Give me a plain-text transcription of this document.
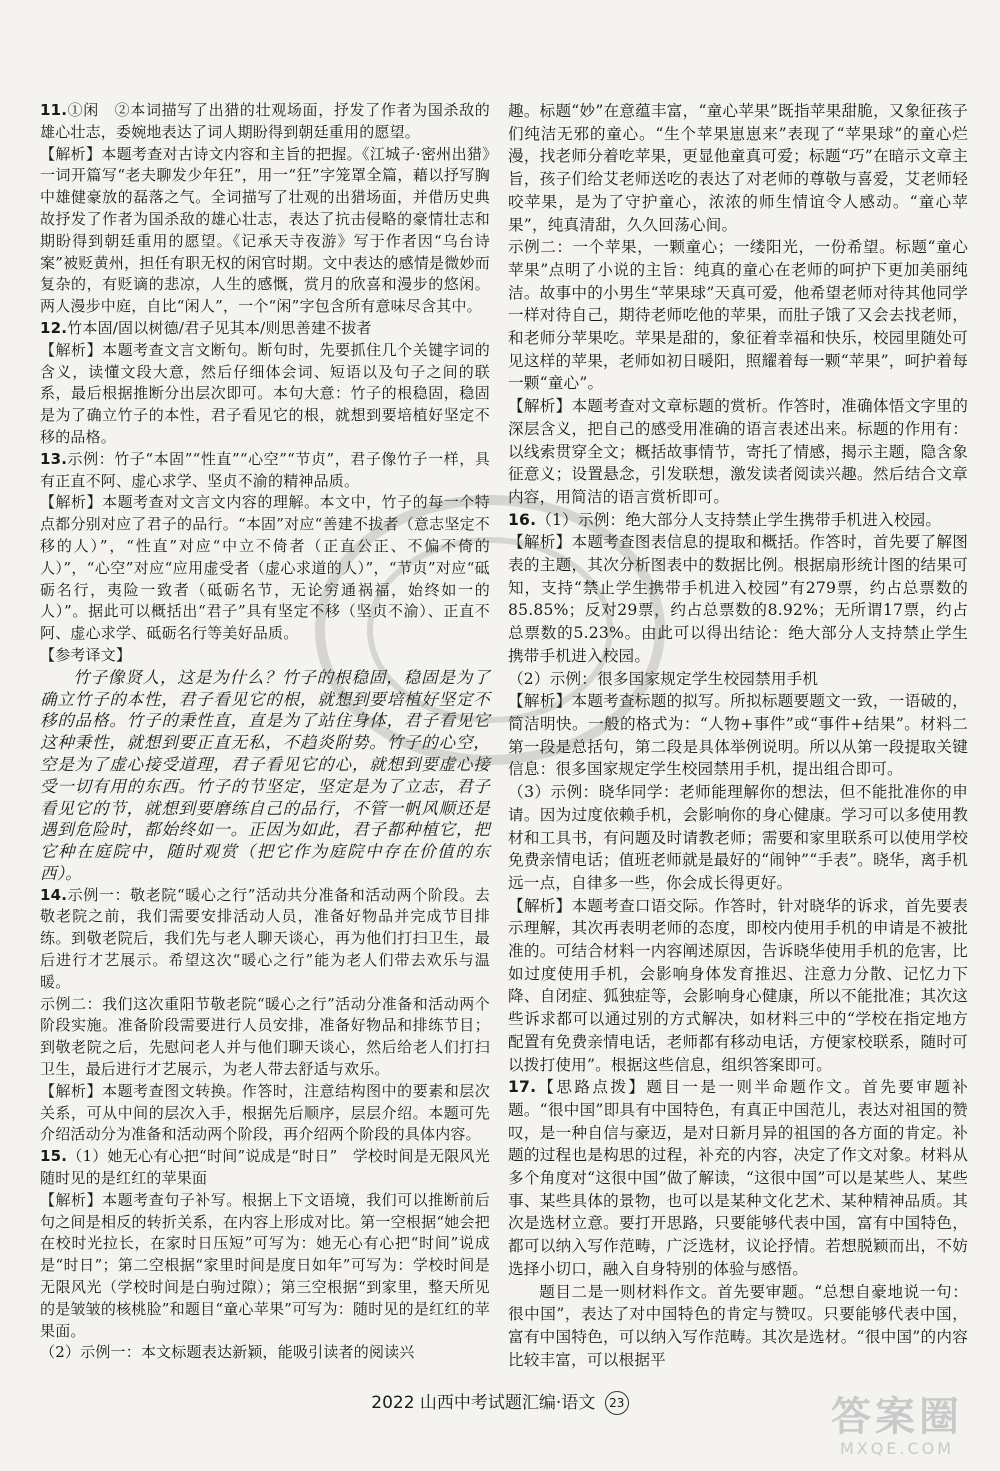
11.①闲　②本词描写了出猎的壮观场面，抒发了作者为国杀敌的雄心壮志，委婉地表达了词人期盼得到朝廷重用的愿望。

【解析】本题考查对古诗文内容和主旨的把握。《江城子·密州出猎》一词开篇写“老夫聊发少年狂”，用一“狂”字笼罩全篇，藉以抒写胸中雄健豪放的磊落之气。全词描写了壮观的出猎场面，并借历史典故抒发了作者为国杀敌的雄心壮志，表达了抗击侵略的豪情壮志和期盼得到朝廷重用的愿望。《记承天寺夜游》写于作者因“乌台诗案”被贬黄州，担任有职无权的闲官时期。文中表达的感情是微妙而复杂的，有贬谪的悲凉，人生的感慨，赏月的欣喜和漫步的悠闲。两人漫步中庭，自比“闲人”，一个“闲”字包含所有意味尽含其中。

12.竹本固/固以树德/君子见其本/则思善建不拔者

【解析】本题考查文言文断句。断句时，先要抓住几个关键字词的含义，读懂文段大意，然后仔细体会词、短语以及句子之间的联系，最后根据推断分出层次即可。本句大意：竹子的根稳固，稳固是为了确立竹子的本性，君子看见它的根，就想到要培植好坚定不移的品格。

13.示例：竹子“本固”“性直”“心空”“节贞”，君子像竹子一样，具有正直不阿、虚心求学、坚贞不渝的精神品质。

【解析】本题考查对文言文内容的理解。本文中，竹子的每一个特点都分别对应了君子的品行。“本固”对应“善建不拔者（意志坚定不移的人）”，“性直”对应“中立不倚者（正直公正、不偏不倚的人）”，“心空”对应“应用虚受者（虚心求道的人）”，“节贞”对应“砥砺名行，夷险一致者（砥砺名节，无论穷通祸福，始终如一的人）”。据此可以概括出“君子”具有坚定不移（坚贞不渝）、正直不阿、虚心求学、砥砺名行等美好品质。

【参考译文】

竹子像贤人，这是为什么？竹子的根稳固，稳固是为了确立竹子的本性，君子看见它的根，就想到要培植好坚定不移的品格。竹子的秉性直，直是为了站住身体，君子看见它这种秉性，就想到要正直无私，不趋炎附势。竹子的心空，空是为了虚心接受道理，君子看见它的心，就想到要虚心接受一切有用的东西。竹子的节坚定，坚定是为了立志，君子看见它的节，就想到要磨练自己的品行，不管一帆风顺还是遇到危险时，都始终如一。正因为如此，君子都种植它，把它种在庭院中，随时观赏（把它作为庭院中存在价值的东西）。

14.示例一：敬老院“暖心之行”活动共分准备和活动两个阶段。去敬老院之前，我们需要安排活动人员，准备好物品并完成节目排练。到敬老院后，我们先与老人聊天谈心，再为他们打扫卫生，最后进行才艺展示。希望这次“暖心之行”能为老人们带去欢乐与温暖。

示例二：我们这次重阳节敬老院“暖心之行”活动分准备和活动两个阶段实施。准备阶段需要进行人员安排，准备好物品和排练节目；到敬老院之后，先慰问老人并与他们聊天谈心，然后给老人们打扫卫生，最后进行才艺展示，为老人带去舒适与欢乐。

【解析】本题考查图文转换。作答时，注意结构图中的要素和层次关系，可从中间的层次入手，根据先后顺序，层层介绍。本题可先介绍活动分为准备和活动两个阶段，再介绍两个阶段的具体内容。

15.（1）她无心有心把“时间”说成是“时日”　学校时间是无限风光　随时见的是红红的苹果面

【解析】本题考查句子补写。根据上下文语境，我们可以推断前后句之间是相反的转折关系，在内容上形成对比。第一空根据“她会把在校时光拉长，在家时日压短”可写为：她无心有心把“时间”说成是“时日”；第二空根据“家里时间是度日如年”可写为：学校时间是无限风光（学校时间是白驹过隙）；第三空根据“到家里，整天所见的是皱皱的核桃脸”和题目“童心苹果”可写为：随时见的是红红的苹果面。

（2）示例一：本文标题表达新颖，能吸引读者的阅读兴

趣。标题“妙”在意蕴丰富，“童心苹果”既指苹果甜脆，又象征孩子们纯洁无邪的童心。“生个苹果崽崽来”表现了“苹果球”的童心烂漫，找老师分着吃苹果，更显他童真可爱；标题“巧”在暗示文章主旨，孩子们给艾老师送吃的表达了对老师的尊敬与喜爱，艾老师轻咬苹果，是为了守护童心，浓浓的师生情谊令人感动。“童心苹果”，纯真清甜，久久回荡心间。

示例二：一个苹果，一颗童心；一缕阳光，一份希望。标题“童心苹果”点明了小说的主旨：纯真的童心在老师的呵护下更加美丽纯洁。故事中的小男生“苹果球”天真可爱，他希望老师对待其他同学一样对待自己，期待老师吃他的苹果，而肚子饿了又会去找老师，和老师分苹果吃。苹果是甜的，象征着幸福和快乐，校园里随处可见这样的苹果，老师如初日暖阳，照耀着每一颗“苹果”，呵护着每一颗“童心”。

【解析】本题考查对文章标题的赏析。作答时，准确体悟文字里的深层含义，把自己的感受用准确的语言表述出来。标题的作用有：以线索贯穿全文；概括故事情节，寄托了情感，揭示主题，隐含象征意义；设置悬念，引发联想，激发读者阅读兴趣。然后结合文章内容，用简洁的语言赏析即可。

16.（1）示例：绝大部分人支持禁止学生携带手机进入校园。

【解析】本题考查图表信息的提取和概括。作答时，首先要了解图表的主题，其次分析图表中的数据比例。根据扇形统计图的结果可知，支持“禁止学生携带手机进入校园”有279票，约占总票数的85.85%；反对29票，约占总票数的8.92%；无所谓17票，约占总票数的5.23%。由此可以得出结论：绝大部分人支持禁止学生携带手机进入校园。

（2）示例：很多国家规定学生校园禁用手机

【解析】本题考查标题的拟写。所拟标题要题文一致，一语破的，简洁明快。一般的格式为：“人物+事件”或“事件+结果”。材料二第一段是总括句，第二段是具体举例说明。所以从第一段提取关键信息：很多国家规定学生校园禁用手机，提出组合即可。

（3）示例：晓华同学：老师能理解你的想法，但不能批准你的申请。因为过度依赖手机，会影响你的身心健康。学习可以多使用教材和工具书，有问题及时请教老师；需要和家里联系可以使用学校免费亲情电话；值班老师就是最好的“闹钟”“手表”。晓华，离手机远一点，自律多一些，你会成长得更好。

【解析】本题考查口语交际。作答时，针对晓华的诉求，首先要表示理解，其次再表明老师的态度，即校内使用手机的申请是不被批准的。可结合材料一内容阐述原因，告诉晓华使用手机的危害，比如过度使用手机，会影响身体发育推迟、注意力分散、记忆力下降、自闭症、狐独症等，会影响身心健康，所以不能批准；其次这些诉求都可以通过别的方式解决，如材料三中的“学校在指定地方配置有免费亲情电话，老师都有移动电话，方便家校联系，随时可以拨打使用”。根据这些信息，组织答案即可。

17.【思路点拨】题目一是一则半命题作文。首先要审题补题。“很中国”即具有中国特色，有真正中国范儿，表达对祖国的赞叹，是一种自信与豪迈，是对日新月异的祖国的各方面的肯定。补题的过程也是构思的过程，补充的内容，决定了作文对象。材料从多个角度对“这很中国”做了解读，“这很中国”可以是某些人、某些事、某些具体的景物，也可以是某种文化艺术、某种精神品质。其次是选材立意。要打开思路，只要能够代表中国，富有中国特色，都可以纳入写作范畴，广泛选材，议论抒情。若想脱颖而出，不妨选择小切口，融入自身特别的体验与感悟。

题目二是一则材料作文。首先要审题。“总想自豪地说一句：很中国”，表达了对中国特色的肯定与赞叹。只要能够代表中国，富有中国特色，可以纳入写作范畴。其次是选材。“很中国”的内容比较丰富，可以根据平

2022 山西中考试题汇编·语文 23	答案圈
MXQE.COM
